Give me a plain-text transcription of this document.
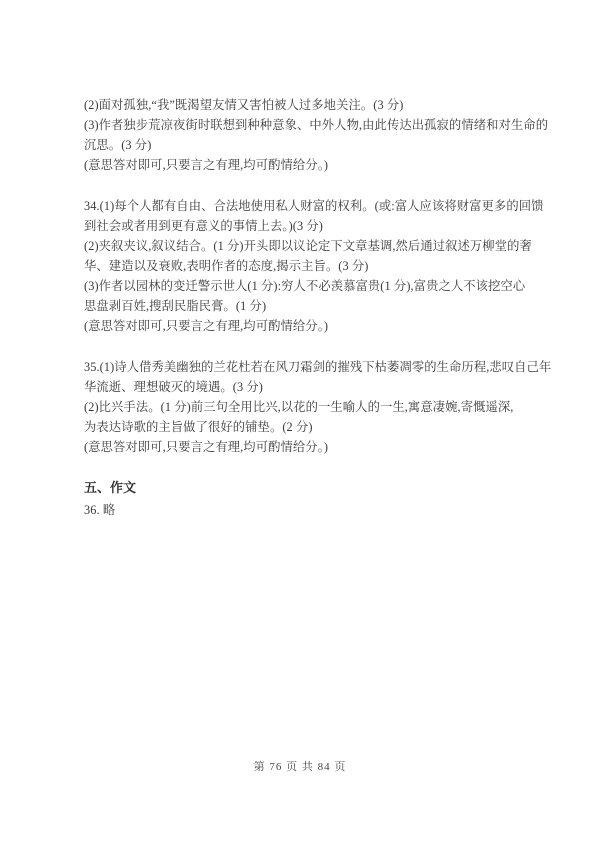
(2)面对孤独,“我”既渴望友情又害怕被人过多地关注。(3 分)

(3)作者独步荒凉夜街时联想到种种意象、中外人物,由此传达出孤寂的情绪和对生命的

沉思。(3 分)

(意思答对即可,只要言之有理,均可酌情给分。)

34.(1)每个人都有自由、合法地使用私人财富的权利。(或:富人应该将财富更多的回馈

到社会或者用到更有意义的事情上去。)(3 分)

(2)夹叙夹议,叙议结合。(1 分)开头即以议论定下文章基调,然后通过叙述万柳堂的奢

华、建造以及衰败,表明作者的态度,揭示主旨。(3 分)

(3)作者以园林的变迁警示世人(1 分):穷人不必羡慕富贵(1 分),富贵之人不该挖空心

思盘剥百姓,搜刮民脂民膏。(1 分)

(意思答对即可,只要言之有理,均可酌情给分。)

35.(1)诗人借秀美幽独的兰花杜若在风刀霜剑的摧残下枯萎凋零的生命历程,悲叹自己年

华流逝、理想破灭的境遇。(3 分)

(2)比兴手法。(1 分)前三句全用比兴,以花的一生喻人的一生,寓意凄婉,寄慨遥深,

为表达诗歌的主旨做了很好的铺垫。(2 分)

(意思答对即可,只要言之有理,均可酌情给分。)

五、作文

36. 略

第 76 页 共 84 页
